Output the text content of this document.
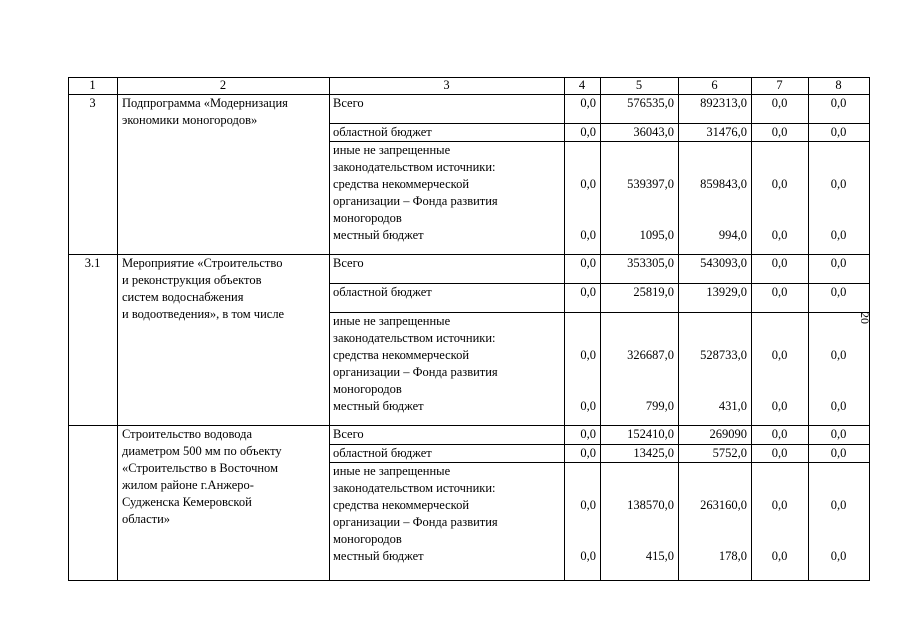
1	2	3	4	5	6	7	8
3	Подпрограмма «Модернизация
экономики моногородов»
Всего	0,0	576535,0	892313,0	0,0	0,0
областной бюджет	0,0	36043,0	31476,0	0,0	0,0
иные не запрещенные
законодательством источники:
средства некоммерческой
организации – Фонда развития
моногородов
0,0	539397,0	859843,0	0,0	0,0
местный бюджет	0,0	1095,0	994,0	0,0	0,0
3.1	Мероприятие «Строительство
и реконструкция объектов
систем водоснабжения
и водоотведения», в том числе
Всего	0,0	353305,0	543093,0	0,0	0,0
областной бюджет	0,0	25819,0	13929,0	0,0	0,0
иные не запрещенные
законодательством источники:
средства некоммерческой
организации – Фонда развития
моногородов
0,0	326687,0	528733,0	0,0	0,0
местный бюджет	0,0	799,0	431,0	0,0	0,0
Строительство водовода
диаметром 500 мм по объекту
«Строительство в Восточном
жилом районе г.Анжеро-
Судженска Кемеровской
области»
Всего	0,0	152410,0	269090	0,0	0,0
областной бюджет	0,0	13425,0	5752,0	0,0	0,0
иные не запрещенные
законодательством источники:
средства некоммерческой
организации – Фонда развития
моногородов
0,0	138570,0	263160,0	0,0	0,0
местный бюджет	0,0	415,0	178,0	0,0	0,0
20
